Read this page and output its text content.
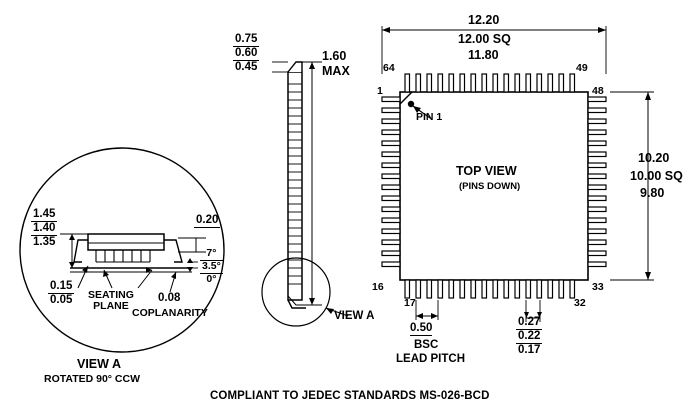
1.45
1.40
1.35
0.15
0.05 SEATING
PLANE
0.20
7°
3.5°
0°
0.08
COPLANARITY
VIEW A
ROTATED 90° CCW
0.75
0.60
0.45
1.60
MAX
VIEW A
12.20
12.00 SQ
11.80
10.20
10.00 SQ
9.80
64	49
1
16
48
33
17	32
PIN 1
TOP VIEW
(PINS DOWN)
0.50
BSC
LEAD PITCH
0.27
0.22
0.17
COMPLIANT TO JEDEC STANDARDS MS-026-BCD
